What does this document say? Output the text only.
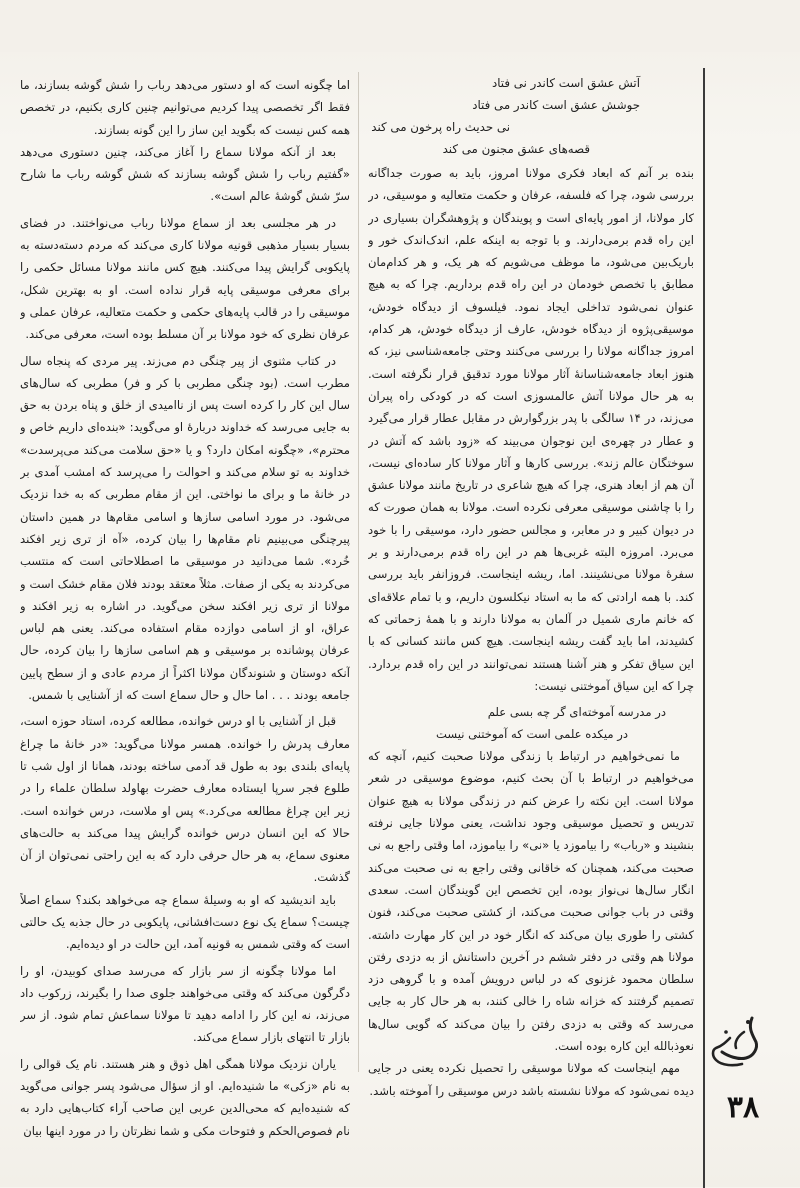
آتش عشق است کاندر نی فتاد

جوشش عشق است کاندر می فتاد

نی حدیث راه پرخون می کند

قصه‌های عشق مجنون می کند

بنده بر آنم که ابعاد فکری مولانا امروز، باید به صورت جداگانه بررسی شود، چرا که فلسفه، عرفان و حکمت متعالیه و موسیقی، در کار مولانا، از امور پایه‌ای است و پویندگان و پژوهشگران بسیاری در این راه قدم برمی‌دارند. و با توجه به اینکه علم، اندک‌اندک خور و باریک‌بین می‌شود، ما موظف می‌شویم که هر یک، و هر کدام‌مان مطابق با تخصص خودمان در این راه قدم برداریم. چرا که به هیچ عنوان نمی‌شود تداخلی ایجاد نمود. فیلسوف از دیدگاه خودش، موسیقی‌پژوه از دیدگاه خودش، عارف از دیدگاه خودش، هر کدام، امروز جداگانه مولانا را بررسی می‌کنند وحتی جامعه‌شناسی نیز، که هنوز ابعاد جامعه‌شناسانهٔ آثار مولانا مورد تدقیق قرار نگرفته است. به هر حال مولانا آتش عالمسوزی است که در کودکی راه پیران می‌زند، در ۱۴ سالگی با پدر بزرگوارش در مقابل عطار قرار می‌گیرد و عطار در چهره‌ی این نوجوان می‌بیند که «زود باشد که آتش در سوختگان عالم زند». بررسی کارها و آثار مولانا کار ساده‌ای نیست، آن هم از ابعاد هنری، چرا که هیچ شاعری در تاریخ مانند مولانا عشق را با چاشنی موسیقی معرفی نکرده است. مولانا به همان صورت که در دیوان کبیر و در معابر، و مجالس حضور دارد، موسیقی را با خود می‌برد. امروزه البته غربی‌ها هم در این راه قدم برمی‌دارند و بر سفرهٔ مولانا می‌نشینند. اما، ریشه اینجاست. فروزانفر باید بررسی کند. با همه ارادتی که ما به استاد نیکلسون داریم، و با تمام علاقه‌ای که خانم ماری شمیل در آلمان به مولانا دارند و با همهٔ زحماتی که کشیدند، اما باید گفت ریشه اینجاست. هیچ کس مانند کسانی که با این سیاق تفکر و هنر آشنا هستند نمی‌توانند در این راه قدم بردارد. چرا که این سیاق آموختنی نیست:

در مدرسه آموخته‌ای گر چه بسی علم

در میکده علمی است که آموختنی نیست

ما نمی‌خواهیم در ارتباط با زندگی مولانا صحبت کنیم، آنچه که می‌خواهیم در ارتباط با آن بحث کنیم، موضوع موسیقی در شعر مولانا است. این نکته را عرض کنم در زندگی مولانا به هیچ عنوان تدریس و تحصیل موسیقی وجود نداشت، یعنی مولانا جایی نرفته بنشیند و «رباب» را بیاموزد یا «نی» را بیاموزد، اما وقتی راجع به نی صحبت می‌کند، همچنان که خاقانی وقتی راجع به نی صحبت می‌کند انگار سال‌ها نی‌نواز بوده، این تخصص این گویندگان است. سعدی وقتی در باب جوانی صحبت می‌کند، از کشتی صحبت می‌کند، فنون کشتی را طوری بیان می‌کند که انگار خود در این کار مهارت داشته. مولانا هم وقتی در دفتر ششم در آخرین داستانش از به دزدی رفتن سلطان محمود غزنوی که در لباس درویش آمده و با گروهی دزد تصمیم گرفتند که خزانه شاه را خالی کنند، به هر حال کار به جایی می‌رسد که وقتی به دزدی رفتن را بیان می‌کند که گویی سال‌ها نعوذبالله این کاره بوده است.

مهم اینجاست که مولانا موسیقی را تحصیل نکرده یعنی در جایی دیده نمی‌شود که مولانا نشسته باشد درس موسیقی را آموخته باشد.

اما چگونه است که او دستور می‌دهد رباب را شش گوشه بسازند، ما فقط اگر تخصصی پیدا کردیم می‌توانیم چنین کاری بکنیم، در تخصص همه کس نیست که بگوید این ساز را این گونه بسازند.

بعد از آنکه مولانا سماع را آغاز می‌کند، چنین دستوری می‌دهد «گفتیم رباب را شش گوشه بسازند که شش گوشه رباب ما شارح سرّ شش گوشهٔ عالم است».

در هر مجلسی بعد از سماع مولانا رباب می‌نواختند. در فضای بسیار بسیار مذهبی قونیه مولانا کاری می‌کند که مردم دسته‌دسته به پایکوبی گرایش پیدا می‌کنند. هیچ کس مانند مولانا مسائل حکمی را برای معرفی موسیقی پایه قرار نداده است. او به بهترین شکل، موسیقی را در قالب پایه‌های حکمی و حکمت متعالیه، عرفان عملی و عرفان نظری که خود مولانا بر آن مسلط بوده است، معرفی می‌کند.

در کتاب مثنوی از پیر چنگی دم می‌زند. پیر مردی که پنجاه سال مطرب است. (بود چنگی مطربی با کر و فر) مطربی که سال‌های سال این کار را کرده است پس از ناامیدی از خلق و پناه بردن به حق به جایی می‌رسد که خداوند دربارهٔ او می‌گوید: «بنده‌ای داریم خاص و محترم»، «چگونه امکان دارد؟ و یا «حق سلامت می‌کند می‌پرسدت» خداوند به تو سلام می‌کند و احوالت را می‌پرسد که امشب آمدی بر در خانهٔ ما و برای ما نواختی. این از مقام مطربی که به خدا نزدیک می‌شود. در مورد اسامی سازها و اسامی مقام‌ها در همین داستان پیرچنگی می‌بینیم نام مقام‌ها را بیان کرده، «آه از تری زیر افکند خُرد». شما می‌دانید در موسیقی ما اصطلاحاتی است که منتسب می‌کردند به یکی از صفات. مثلاً معتقد بودند فلان مقام خشک است و مولانا از تری زیر افکند سخن می‌گوید. در اشاره به زیر افکند و عراق، او از اسامی دوازده مقام استفاده می‌کند. یعنی هم لباس عرفان پوشانده بر موسیقی و هم اسامی سازها را بیان کرده، حال آنکه دوستان و شنوندگان مولانا اکثراً از مردم عادی و از سطح پایین جامعه بودند . . . اما حال و حال سماع است که از آشنایی با شمس.

قبل از آشنایی با او درس خوانده، مطالعه کرده، استاد حوزه است، معارف پدرش را خوانده. همسر مولانا می‌گوید: «در خانهٔ ما چراغ پایه‌ای بلندی بود به طول قد آدمی ساخته بودند، همانا از اول شب تا طلوع فجر سرپا ایستاده معارف حضرت بهاولد سلطان علماء را در زیر این چراغ مطالعه می‌کرد.» پس او ملاست، درس خوانده است. حالا که این انسان درس خوانده گرایش پیدا می‌کند به حالت‌های معنوی سماع، به هر حال حرفی دارد که به این راحتی نمی‌توان از آن گذشت.

باید اندیشید که او به وسیلهٔ سماع چه می‌خواهد بکند؟ سماع اصلاً چیست؟ سماع یک نوع دست‌افشانی، پایکوبی در حال جذبه یک حالتی است که وقتی شمس به قونیه آمد، این حالت در او دیده‌ایم.

اما مولانا چگونه از سر بازار که می‌رسد صدای کوبیدن، او را دگرگون می‌کند که وقتی می‌خواهند جلوی صدا را بگیرند، زرکوب داد می‌زند، نه این کار را ادامه دهید تا مولانا سماعش تمام شود. از سر بازار تا انتهای بازار سماع می‌کند.

یاران نزدیک مولانا همگی اهل ذوق و هنر هستند. نام یک قوالی را به نام «زکی» ما شنیده‌ایم. او از سؤال می‌شود پسر جوانی می‌گوید که شنیده‌ایم که محی‌الدین عربی این صاحب آراء کتاب‌هایی دارد به نام فصوص‌الحکم و فتوحات مکی و شما نظرتان را در مورد اینها بیان

۳۸
